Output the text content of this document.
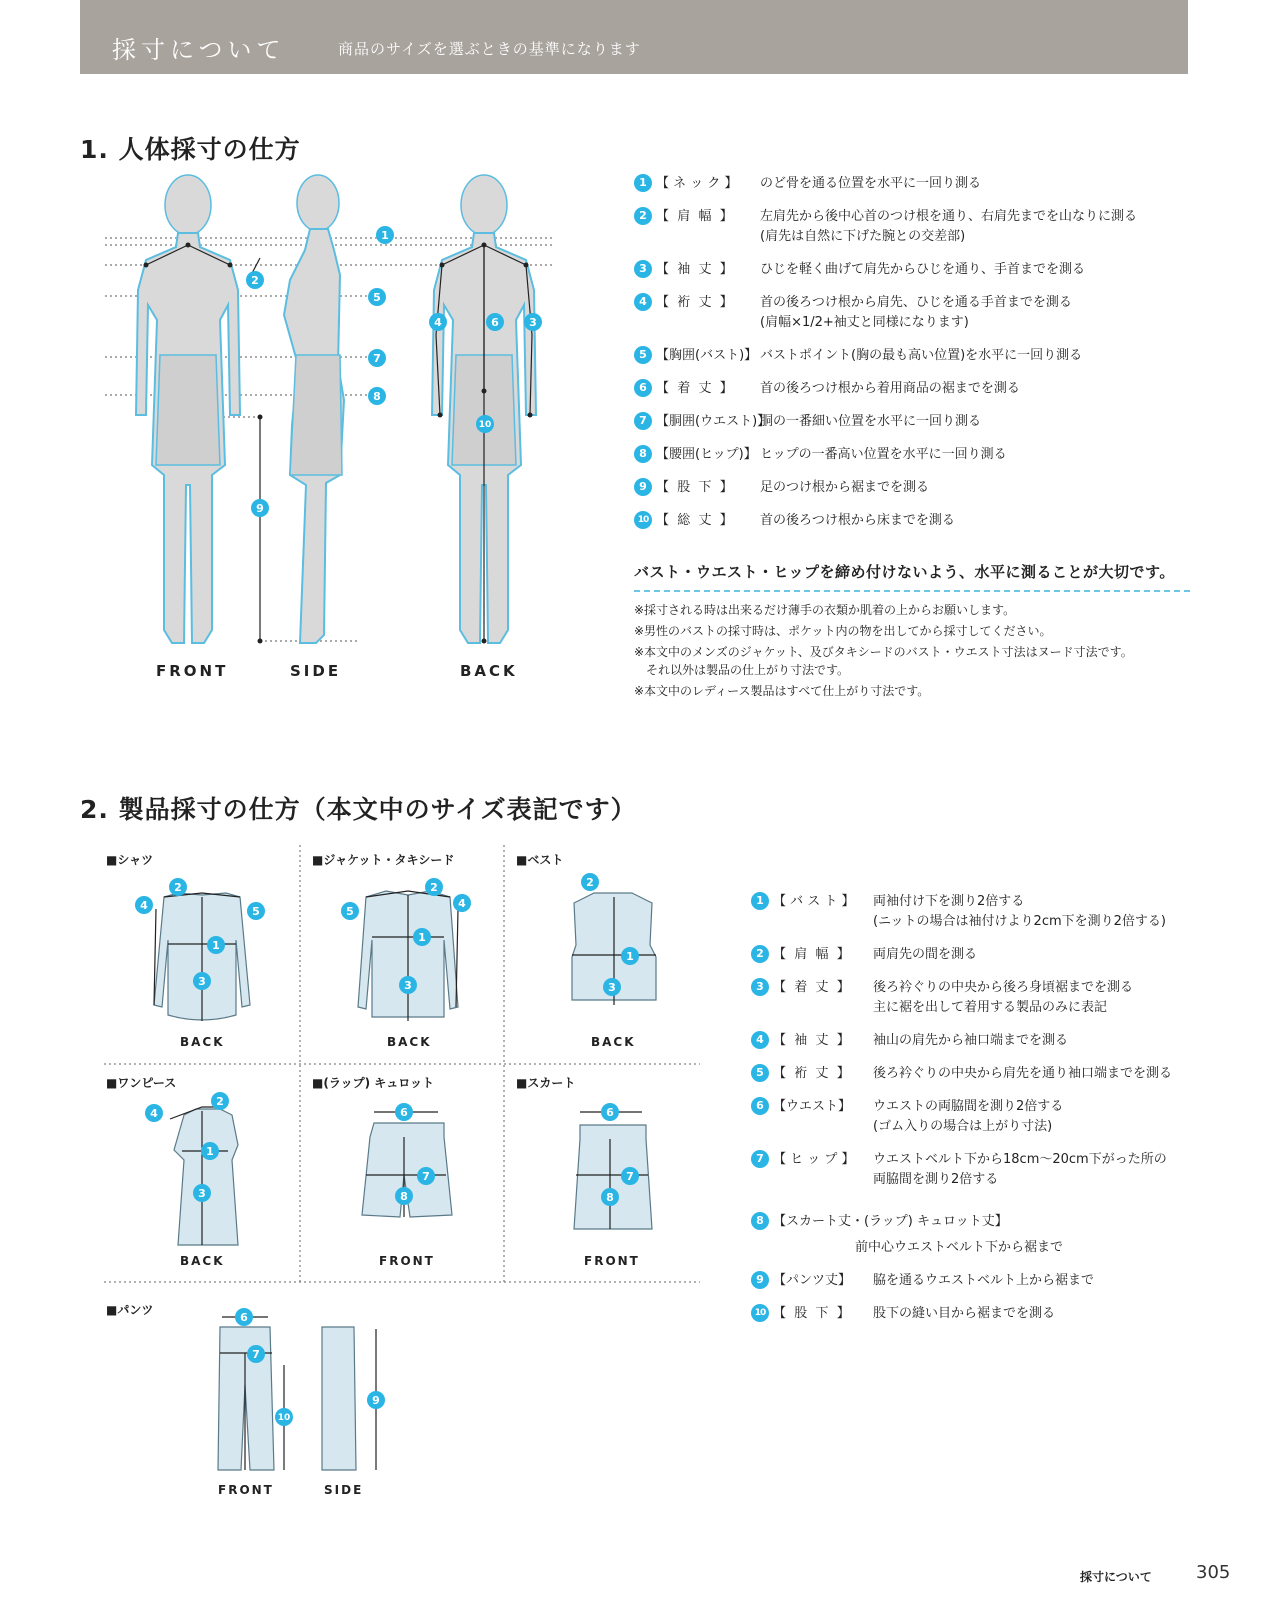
採寸について	商品のサイズを選ぶときの基準になります
1. 人体採寸の仕方
1
2
5
4	6	3
7
8
10
9
FRONT	SIDE	BACK
1 【 ネ ッ ク 】	のど骨を通る位置を水平に一回り測る
2 【  肩  幅  】	左肩先から後中心首のつけ根を通り、右肩先までを山なりに測る
(肩先は自然に下げた腕との交差部)
3 【  袖  丈  】	ひじを軽く曲げて肩先からひじを通り、手首までを測る
4 【  裄  丈  】	首の後ろつけ根から肩先、ひじを通る手首までを測る
(肩幅×1/2+袖丈と同様になります)
5 【胸囲(バスト)】 バストポイント(胸の最も高い位置)を水平に一回り測る
6 【  着  丈  】	首の後ろつけ根から着用商品の裾までを測る
7 【胴囲(ウエスト)】
胴の一番細い位置を水平に一回り測る
8 【腰囲(ヒップ)】 ヒップの一番高い位置を水平に一回り測る
9 【  股  下  】	足のつけ根から裾までを測る
10 【  総  丈  】	首の後ろつけ根から床までを測る
バスト・ウエスト・ヒップを締め付けないよう、水平に測ることが大切です。
※採寸される時は出来るだけ薄手の衣類か肌着の上からお願いします。
※男性のバストの採寸時は、ポケット内の物を出してから採寸してください。
※本文中のメンズのジャケット、及びタキシードのバスト・ウエスト寸法はヌード寸法です。
　それ以外は製品の仕上がり寸法です。
※本文中のレディース製品はすべて仕上がり寸法です。
2. 製品採寸の仕方（本文中のサイズ表記です）
2
4	5
1
3
2
5
4
1
3
2
1
3
4
2
1
3
6
7
8
6
7
8
6
7
10
9
■シャツ	■ジャケット・タキシード	■ベスト
■ワンピース	■(ラップ) キュロット	■スカート
■パンツ
BACK	BACK	BACK
BACK	FRONT	FRONT
FRONT	SIDE
1 【 バ ス ト 】	両袖付け下を測り2倍する
(ニットの場合は袖付けより2cm下を測り2倍する)
2 【  肩  幅  】	両肩先の間を測る
3 【  着  丈  】	後ろ衿ぐりの中央から後ろ身頃裾までを測る
主に裾を出して着用する製品のみに表記
4 【  袖  丈  】	袖山の肩先から袖口端までを測る
5 【  裄  丈  】	後ろ衿ぐりの中央から肩先を通り袖口端までを測る
6 【ウエスト】	ウエストの両脇間を測り2倍する
(ゴム入りの場合は上がり寸法)
7 【 ヒ ッ プ 】	ウエストベルト下から18cm〜20cm下がった所の
両脇間を測り2倍する
8 【スカート丈・(ラップ) キュロット丈】
前中心ウエストベルト下から裾まで
9 【パンツ丈】	脇を通るウエストベルト上から裾まで
10 【  股  下  】	股下の縫い目から裾までを測る
採寸について 305
